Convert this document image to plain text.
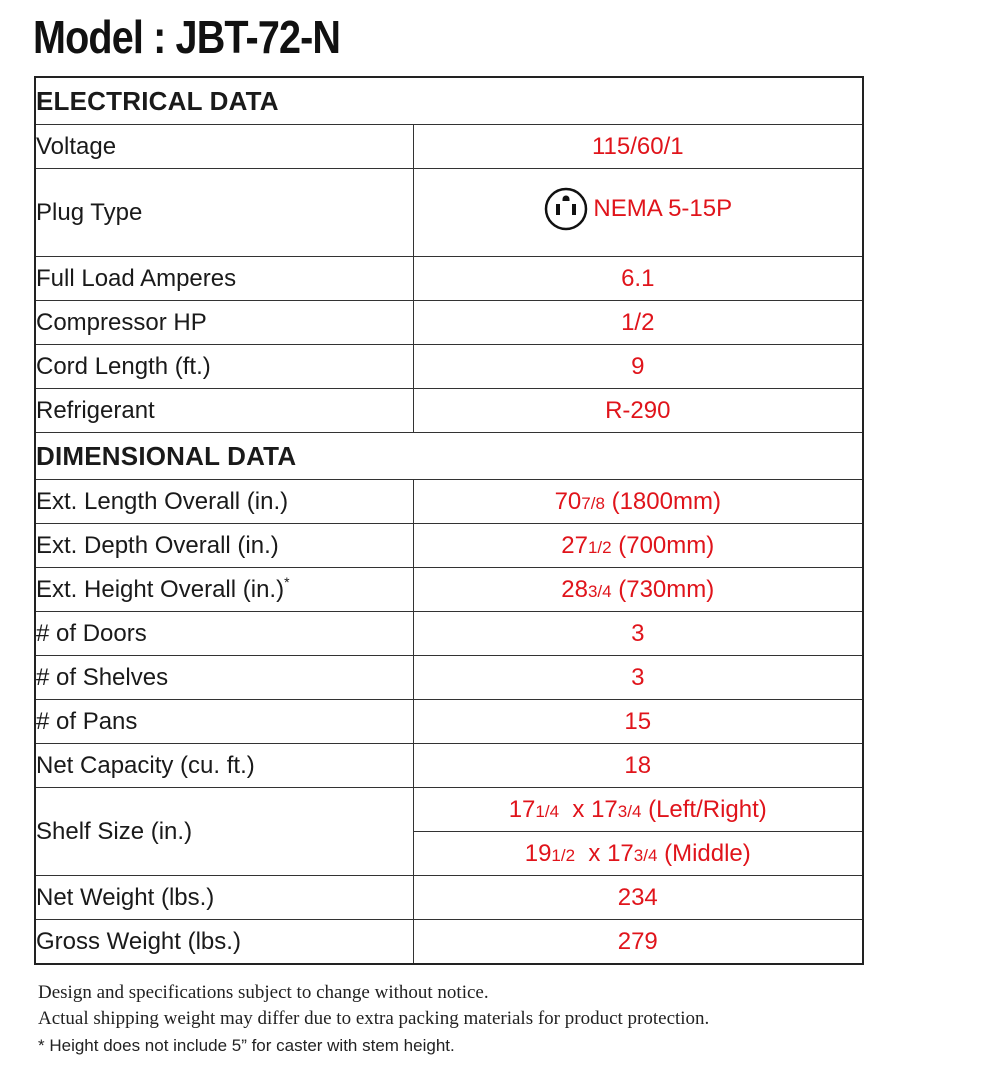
Model : JBT-72-N
ELECTRICAL DATA	
Voltage	115/60/1
Plug Type	NEMA 5-15P

Full Load Amperes	6.1
Compressor HP	1/2
Cord Length (ft.)	9
Refrigerant	R-290
DIMENSIONAL DATA	
Ext. Length Overall (in.)	707/8 (1800mm)
Ext. Depth Overall (in.)	271/2 (700mm)
Ext. Height Overall (in.)*	283/4 (730mm)
# of Doors	3
# of Shelves	3
# of Pans	15
Net Capacity (cu. ft.)	18
Shelf Size (in.)	171/4  x 173/4 (Left/Right)
	191/2  x 173/4 (Middle)
Net Weight (lbs.)	234
Gross Weight (lbs.)	279
Design and specifications subject to change without notice.
Actual shipping weight may differ due to extra packing materials for product protection.
* Height does not include 5” for caster with stem height.
